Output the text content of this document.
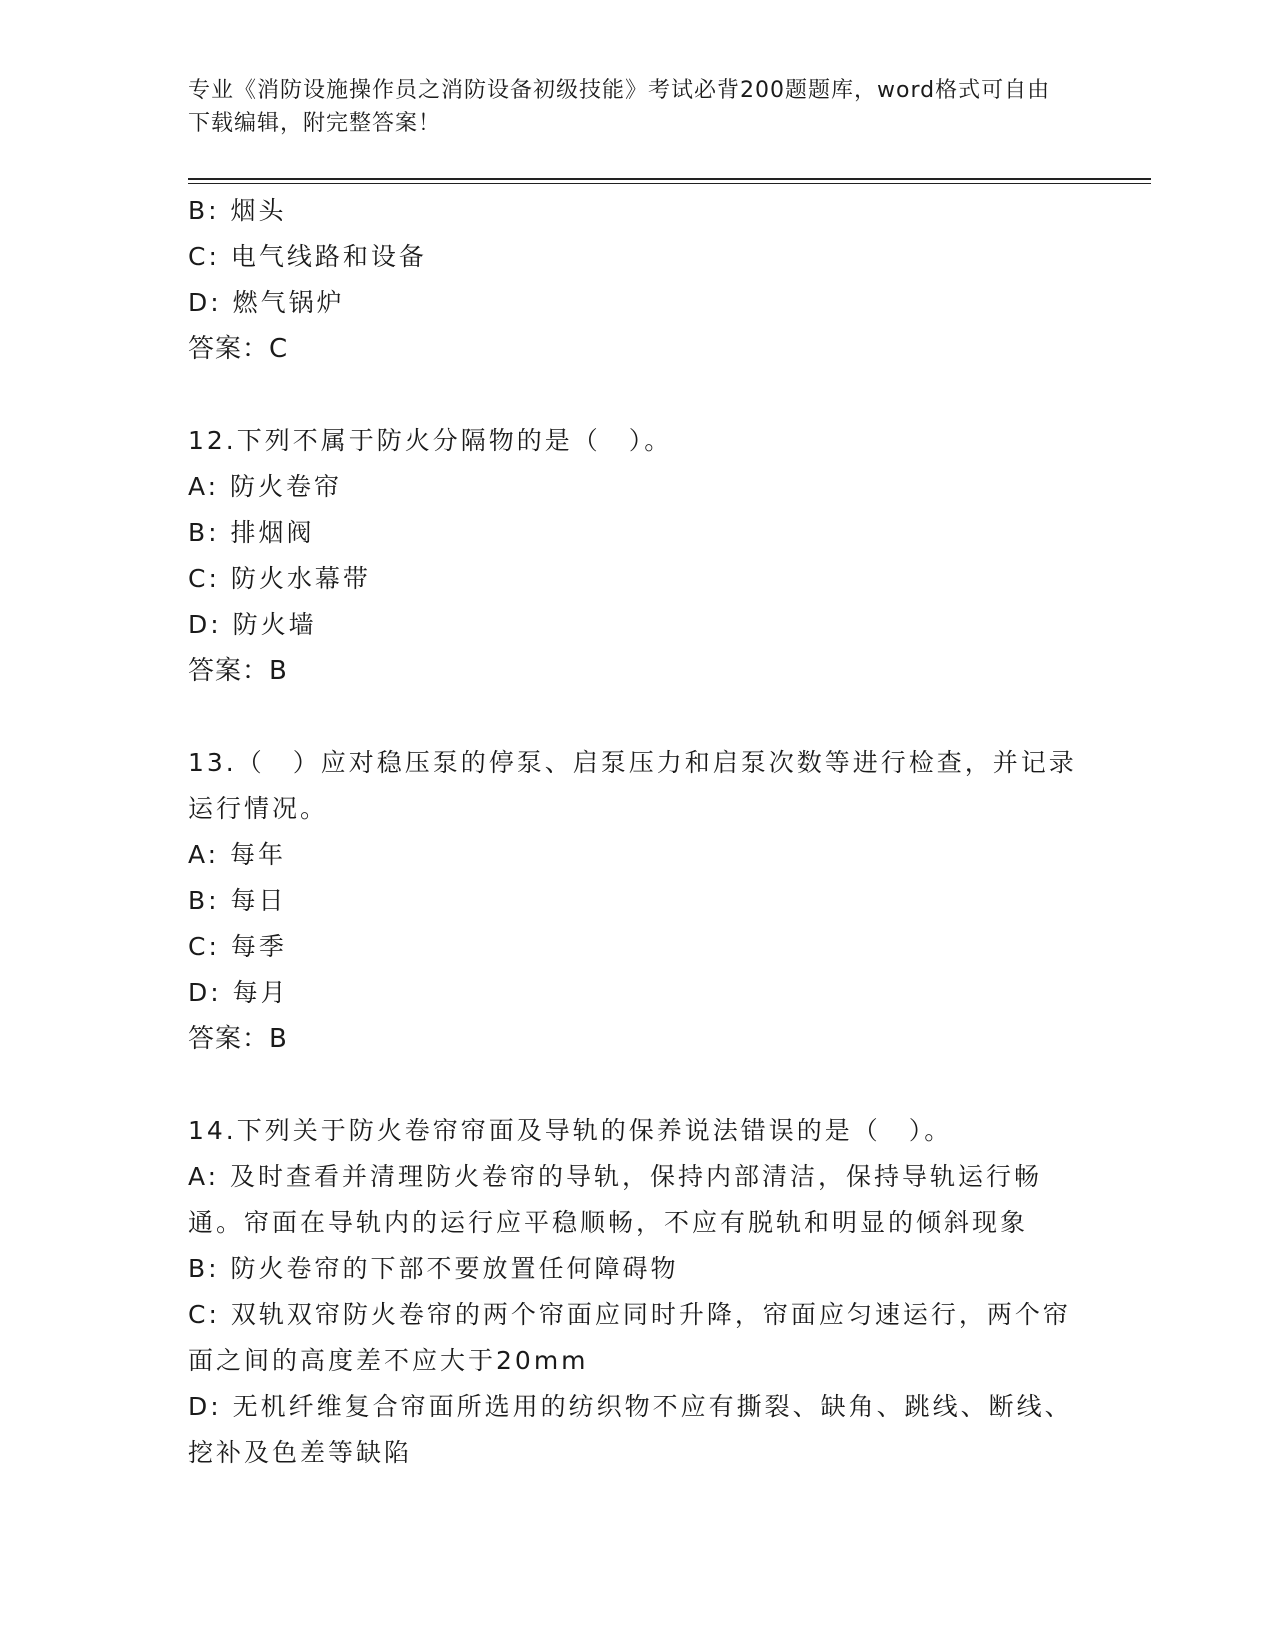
专业《消防设施操作员之消防设备初级技能》考试必背200题题库，word格式可自由下载编辑，附完整答案！
B: 烟头
C: 电气线路和设备
D: 燃气锅炉
答案：C
12.下列不属于防火分隔物的是（　）。
A: 防火卷帘
B: 排烟阀
C: 防火水幕带
D: 防火墙
答案：B
13.（　）应对稳压泵的停泵、启泵压力和启泵次数等进行检查，并记录运行情况。
A: 每年
B: 每日
C: 每季
D: 每月
答案：B
14.下列关于防火卷帘帘面及导轨的保养说法错误的是（　）。
A: 及时查看并清理防火卷帘的导轨，保持内部清洁，保持导轨运行畅通。帘面在导轨内的运行应平稳顺畅，不应有脱轨和明显的倾斜现象
B: 防火卷帘的下部不要放置任何障碍物
C: 双轨双帘防火卷帘的两个帘面应同时升降，帘面应匀速运行，两个帘面之间的高度差不应大于20mm
D: 无机纤维复合帘面所选用的纺织物不应有撕裂、缺角、跳线、断线、挖补及色差等缺陷
